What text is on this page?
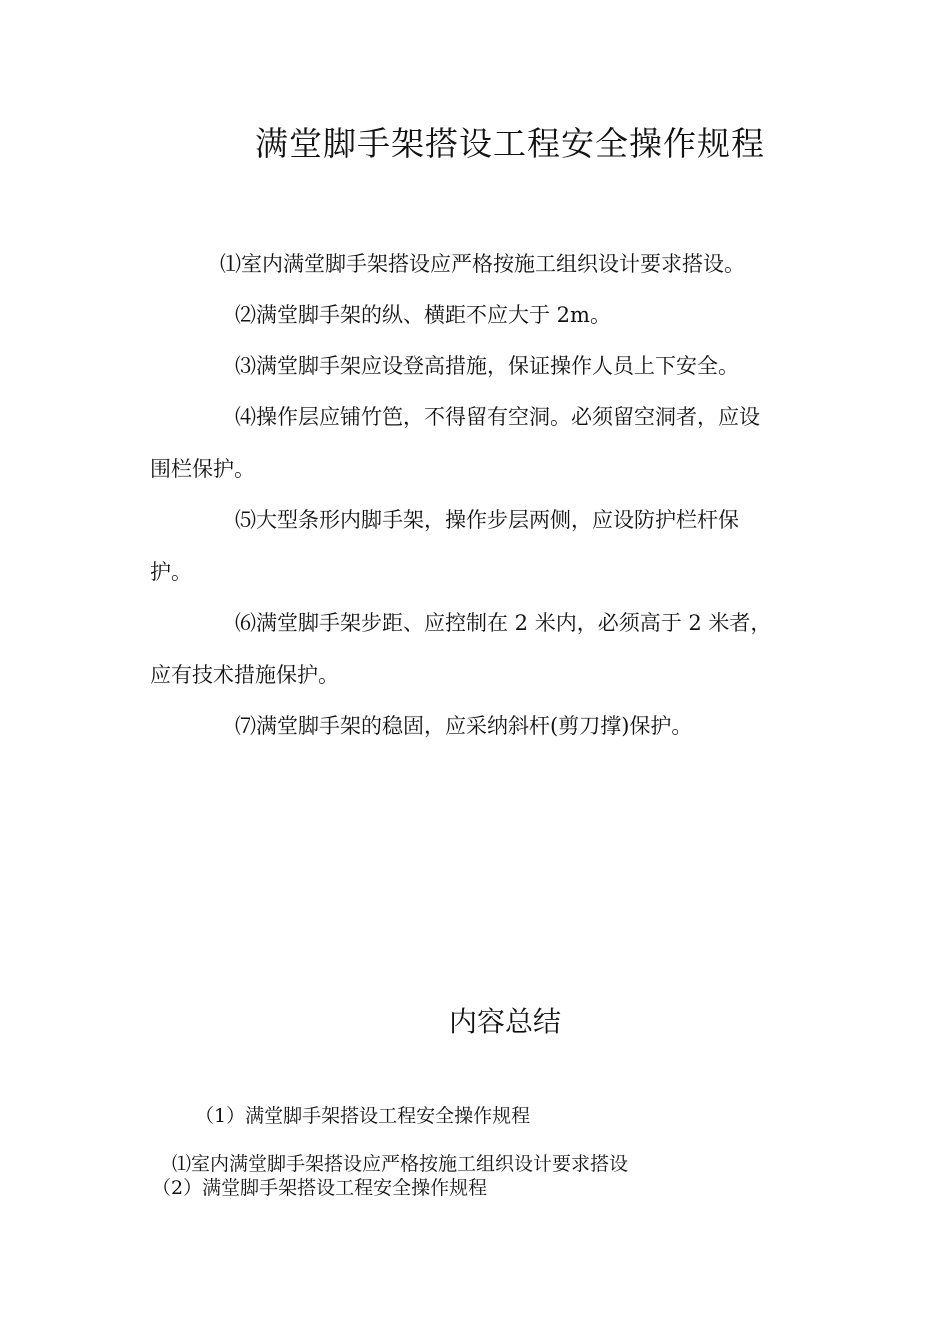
满堂脚手架搭设工程安全操作规程

⑴室内满堂脚手架搭设应严格按施工组织设计要求搭设。

⑵满堂脚手架的纵、横距不应大于 2m。

⑶满堂脚手架应设登高措施，保证操作人员上下安全。

⑷操作层应铺竹笆，不得留有空洞。必须留空洞者，应设
围栏保护。

⑸大型条形内脚手架，操作步层两侧，应设防护栏杆保
护。

⑹满堂脚手架步距、应控制在 2 米内，必须高于 2 米者，
应有技术措施保护。

⑺满堂脚手架的稳固，应采纳斜杆(剪刀撑)保护。

内容总结
（1）满堂脚手架搭设工程安全操作规程
⑴室内满堂脚手架搭设应严格按施工组织设计要求搭设
（2）满堂脚手架搭设工程安全操作规程
